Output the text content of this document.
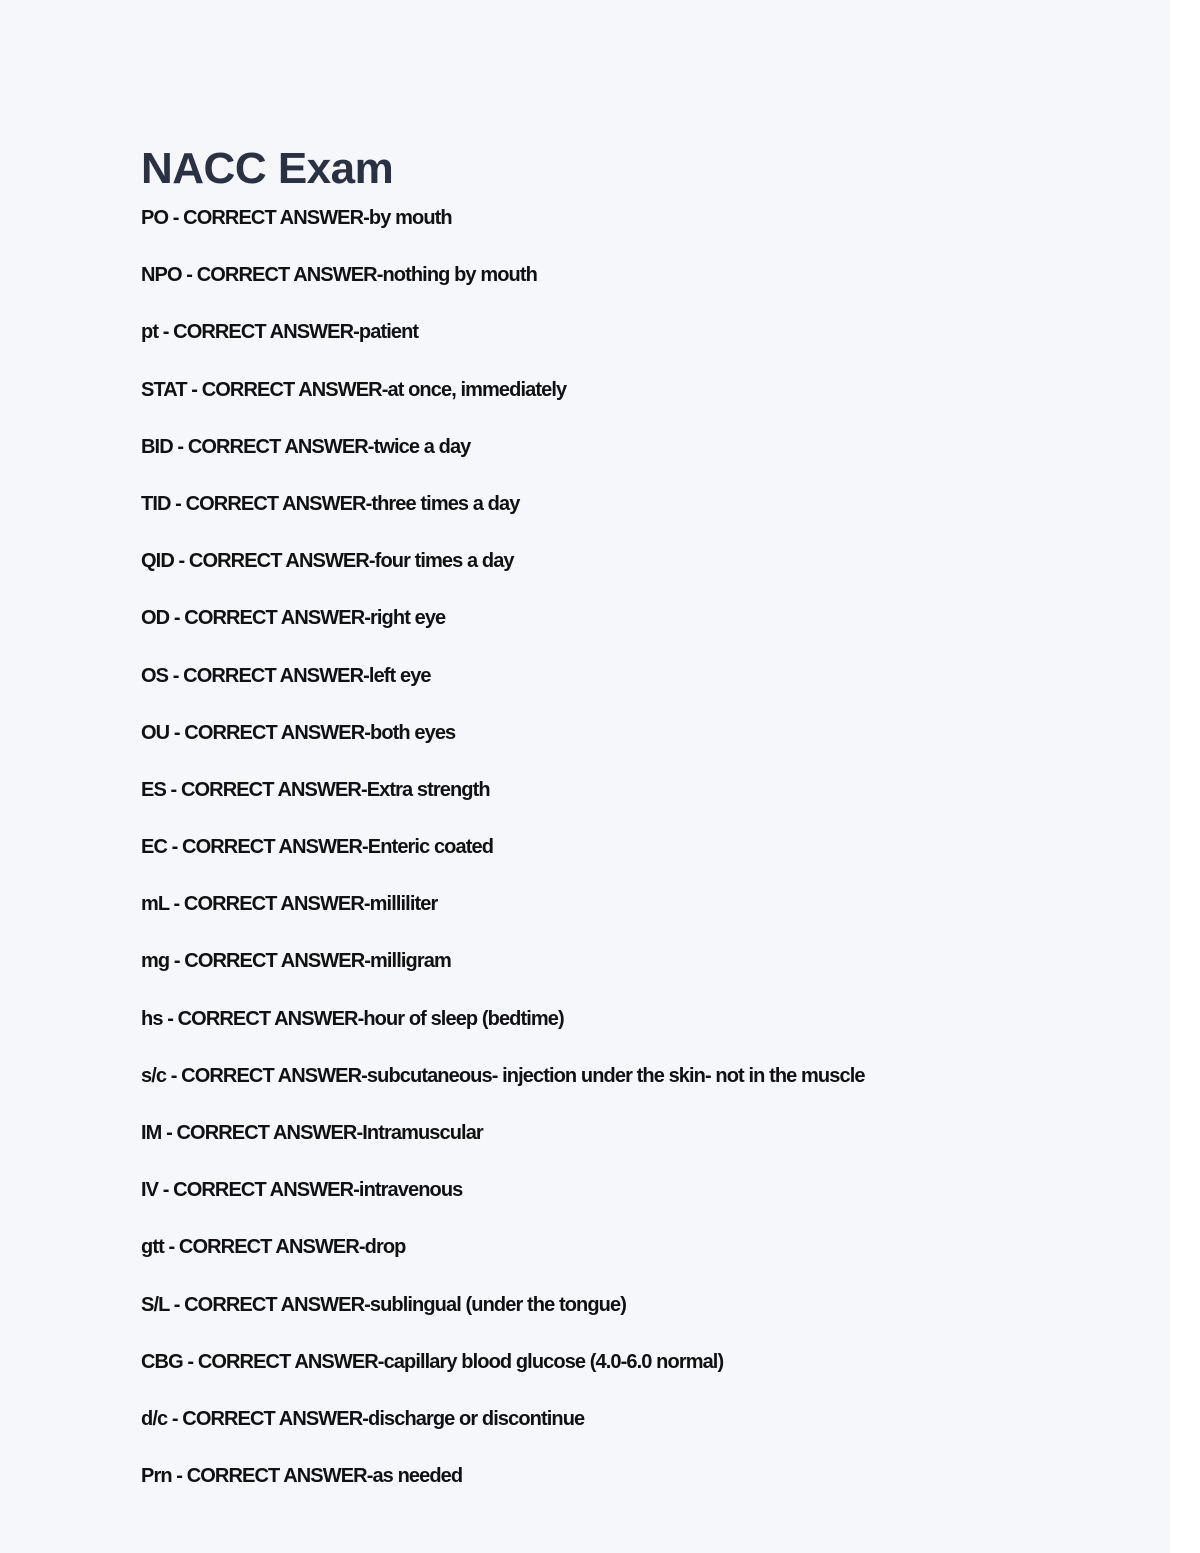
NACC Exam
PO - CORRECT ANSWER-by mouth
NPO - CORRECT ANSWER-nothing by mouth
pt - CORRECT ANSWER-patient
STAT - CORRECT ANSWER-at once, immediately
BID - CORRECT ANSWER-twice a day
TID - CORRECT ANSWER-three times a day
QID - CORRECT ANSWER-four times a day
OD - CORRECT ANSWER-right eye
OS - CORRECT ANSWER-left eye
OU - CORRECT ANSWER-both eyes
ES - CORRECT ANSWER-Extra strength
EC - CORRECT ANSWER-Enteric coated
mL - CORRECT ANSWER-milliliter
mg - CORRECT ANSWER-milligram
hs - CORRECT ANSWER-hour of sleep (bedtime)
s/c - CORRECT ANSWER-subcutaneous- injection under the skin- not in the muscle
IM - CORRECT ANSWER-Intramuscular
IV - CORRECT ANSWER-intravenous
gtt - CORRECT ANSWER-drop
S/L - CORRECT ANSWER-sublingual (under the tongue)
CBG - CORRECT ANSWER-capillary blood glucose (4.0-6.0 normal)
d/c - CORRECT ANSWER-discharge or discontinue
Prn - CORRECT ANSWER-as needed
